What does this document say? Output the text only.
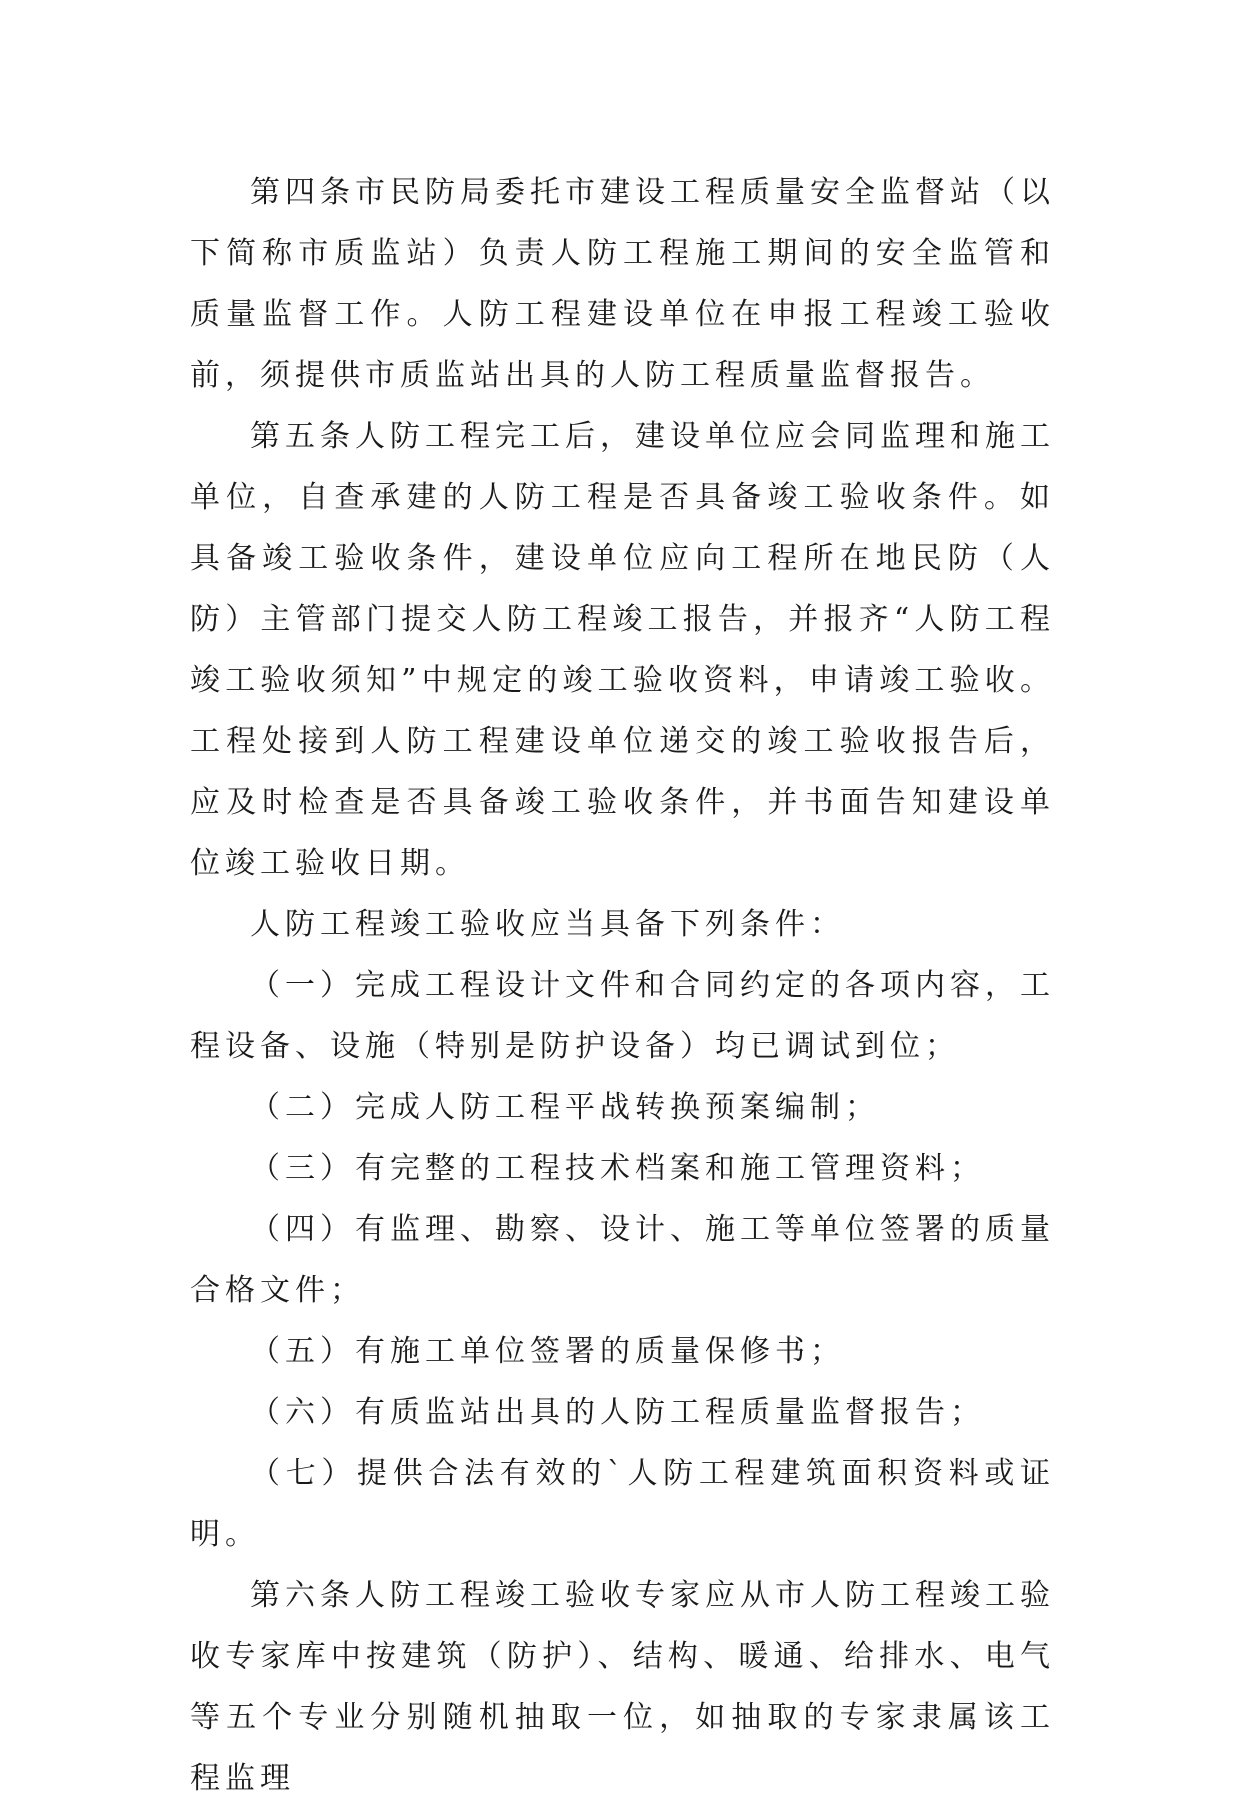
第四条市民防局委托市建设工程质量安全监督站（以下简称市质监站）负责人防工程施工期间的安全监管和质量监督工作。人防工程建设单位在申报工程竣工验收前，须提供市质监站出具的人防工程质量监督报告。

第五条人防工程完工后，建设单位应会同监理和施工单位，自查承建的人防工程是否具备竣工验收条件。如具备竣工验收条件，建设单位应向工程所在地民防（人防）主管部门提交人防工程竣工报告，并报齐“人防工程竣工验收须知”中规定的竣工验收资料，申请竣工验收。工程处接到人防工程建设单位递交的竣工验收报告后，应及时检查是否具备竣工验收条件，并书面告知建设单位竣工验收日期。

人防工程竣工验收应当具备下列条件：

（一）完成工程设计文件和合同约定的各项内容，工程设备、设施（特别是防护设备）均已调试到位；

（二）完成人防工程平战转换预案编制；

（三）有完整的工程技术档案和施工管理资料；

（四）有监理、勘察、设计、施工等单位签署的质量合格文件；

（五）有施工单位签署的质量保修书；

（六）有质监站出具的人防工程质量监督报告；

（七）提供合法有效的`人防工程建筑面积资料或证明。

第六条人防工程竣工验收专家应从市人防工程竣工验收专家库中按建筑（防护）、结构、暖通、给排水、电气等五个专业分别随机抽取一位，如抽取的专家隶属该工程监理
